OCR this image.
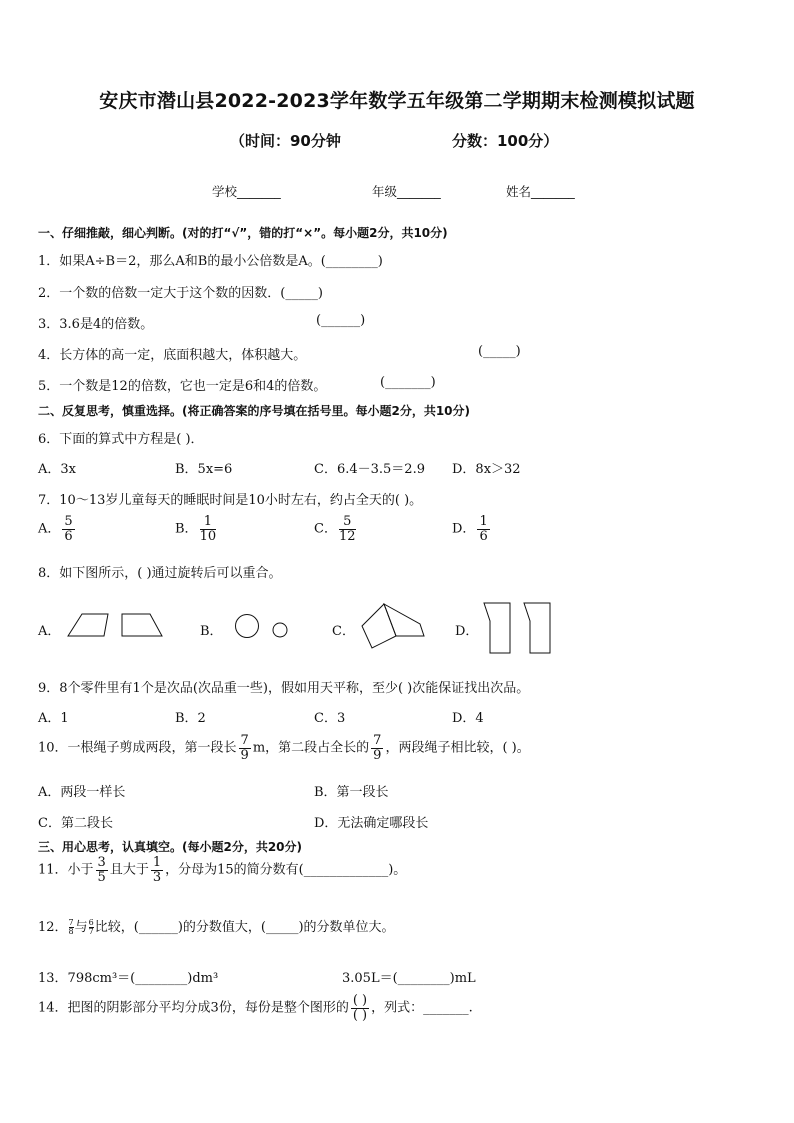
安庆市潜山县2022-2023学年数学五年级第二学期期末检测模拟试题
（时间：90分钟	分数：100分）
学校_______	年级_______	姓名_______
一、仔细推敲，细心判断。(对的打“√”，错的打“×”。每小题2分，共10分)
1．如果A÷B＝2，那么A和B的最小公倍数是A。(________)
2．一个数的倍数一定大于这个数的因数．(_____)
3．3.6是4的倍数。	(______)
4．长方体的高一定，底面积越大，体积越大。	(_____)
5．一个数是12的倍数，它也一定是6和4的倍数。	(_______)
二、反复思考，慎重选择。(将正确答案的序号填在括号里。每小题2分，共10分)
6．下面的算式中方程是( )．
A．3x	B．5x=6	C．6.4－3.5＝2.9 D．8x＞32
7．10～13岁儿童每天的睡眠时间是10小时左右，约占全天的( )。
A． $\frac{5}{6}$	B． $\frac{1}{10}$	C． $\frac{5}{12}$	D． $\frac{1}{6}$
8．如下图所示，( )通过旋转后可以重合。
A．	B．	C．	D．
9．8个零件里有1个是次品(次品重一些)，假如用天平称，至少( )次能保证找出次品。
A．1	B．2	C．3	D．4
10．一根绳子剪成两段，第一段长 $\frac{7}{9}$ m，第二段占全长的 $\frac{7}{9}$ ，两段绳子相比较，( )。
A．两段一样长	B．第一段长
C．第二段长	D．无法确定哪段长
三、用心思考，认真填空。(每小题2分，共20分)
11．小于 $\frac{3}{5}$ 且大于 $\frac{1}{3}$ ，分母为15的简分数有(_____________)。
12． $\frac{7}{8}$ 与 $\frac{6}{7}$ 比较，(______)的分数值大，(_____)的分数单位大。
13．798cm³＝(________)dm³	3.05L＝(________)mL
14．把图的阴影部分平均分成3份，每份是整个图形的 $\frac{( )}{( )}$ ，列式：_______.
